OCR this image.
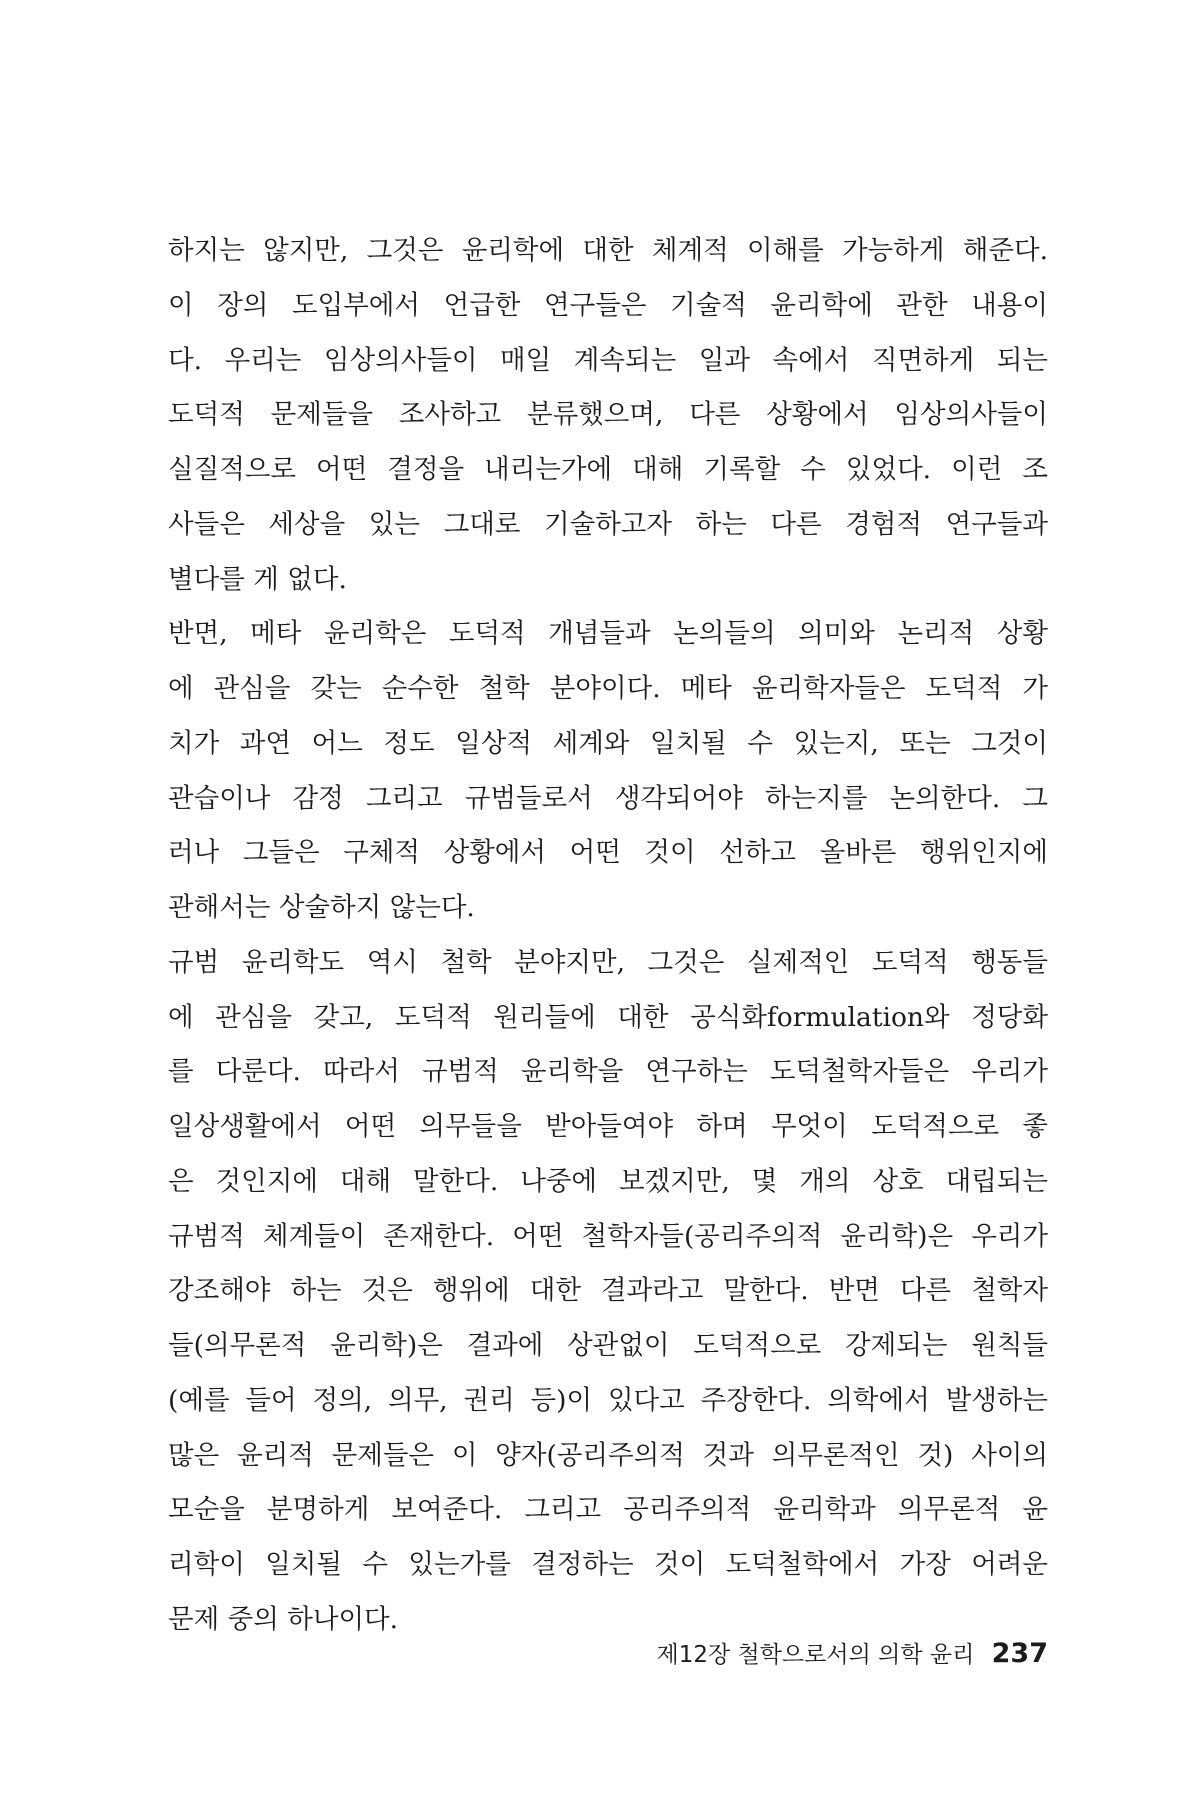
하지는 않지만, 그것은 윤리학에 대한 체계적 이해를 가능하게 해준다.
이 장의 도입부에서 언급한 연구들은 기술적 윤리학에 관한 내용이
다. 우리는 임상의사들이 매일 계속되는 일과 속에서 직면하게 되는
도덕적 문제들을 조사하고 분류했으며, 다른 상황에서 임상의사들이
실질적으로 어떤 결정을 내리는가에 대해 기록할 수 있었다. 이런 조
사들은 세상을 있는 그대로 기술하고자 하는 다른 경험적 연구들과
별다를 게 없다.
반면, 메타 윤리학은 도덕적 개념들과 논의들의 의미와 논리적 상황
에 관심을 갖는 순수한 철학 분야이다. 메타 윤리학자들은 도덕적 가
치가 과연 어느 정도 일상적 세계와 일치될 수 있는지, 또는 그것이
관습이나 감정 그리고 규범들로서 생각되어야 하는지를 논의한다. 그
러나 그들은 구체적 상황에서 어떤 것이 선하고 올바른 행위인지에
관해서는 상술하지 않는다.
규범 윤리학도 역시 철학 분야지만, 그것은 실제적인 도덕적 행동들
에 관심을 갖고, 도덕적 원리들에 대한 공식화formulation와 정당화
를 다룬다. 따라서 규범적 윤리학을 연구하는 도덕철학자들은 우리가
일상생활에서 어떤 의무들을 받아들여야 하며 무엇이 도덕적으로 좋
은 것인지에 대해 말한다. 나중에 보겠지만, 몇 개의 상호 대립되는
규범적 체계들이 존재한다. 어떤 철학자들(공리주의적 윤리학)은 우리가
강조해야 하는 것은 행위에 대한 결과라고 말한다. 반면 다른 철학자
들(의무론적 윤리학)은 결과에 상관없이 도덕적으로 강제되는 원칙들
(예를 들어 정의, 의무, 권리 등)이 있다고 주장한다. 의학에서 발생하는
많은 윤리적 문제들은 이 양자(공리주의적 것과 의무론적인 것) 사이의
모순을 분명하게 보여준다. 그리고 공리주의적 윤리학과 의무론적 윤
리학이 일치될 수 있는가를 결정하는 것이 도덕철학에서 가장 어려운
문제 중의 하나이다.
제12장 철학으로서의 의학 윤리 237
